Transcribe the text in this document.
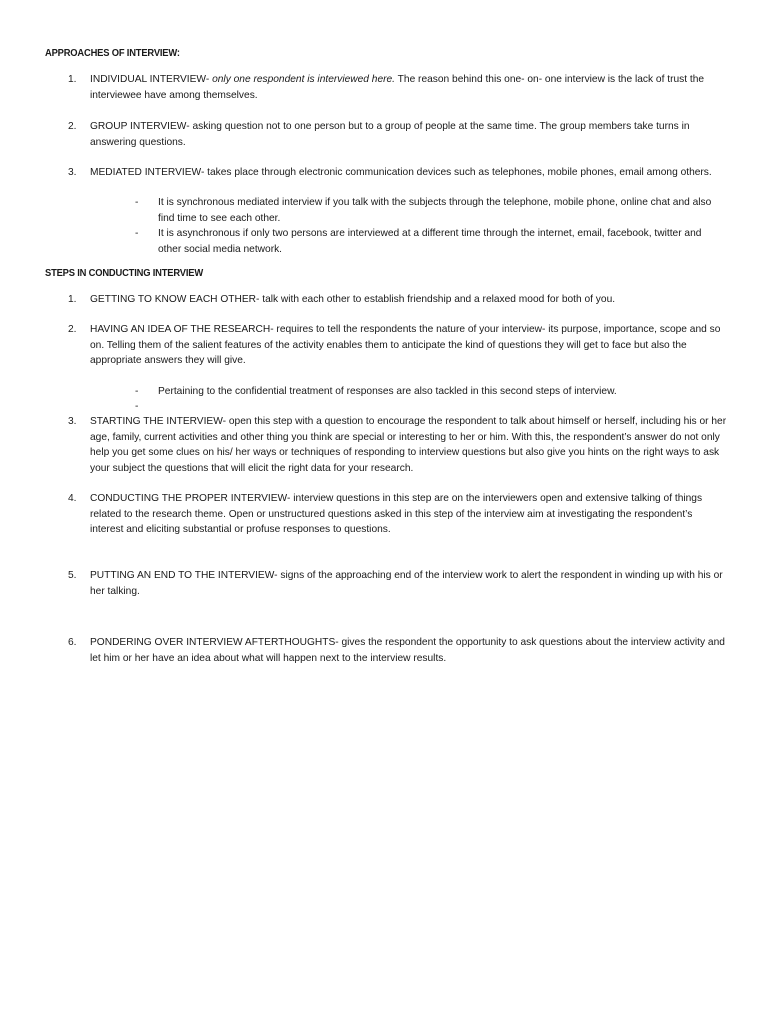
APPROACHES OF INTERVIEW:
1.	INDIVIDUAL INTERVIEW- only one respondent is interviewed here. The reason behind this one- on- one interview is the lack of trust the interviewee have among themselves.
2.	GROUP INTERVIEW- asking question not to one person but to a group of people at the same time. The group members take turns in answering questions.
3.	MEDIATED INTERVIEW- takes place through electronic communication devices such as telephones, mobile phones, email among others.
- It is synchronous mediated interview if you talk with the subjects through the telephone, mobile phone, online chat and also find time to see each other.
- It is asynchronous if only two persons are interviewed at a different time through the internet, email, facebook, twitter and other social media network.
STEPS IN CONDUCTING INTERVIEW
1.	GETTING TO KNOW EACH OTHER- talk with each other to establish friendship and a relaxed mood for both of you.
2.	HAVING AN IDEA OF THE RESEARCH- requires to tell the respondents the nature of your interview- its purpose, importance, scope and so on. Telling them of the salient features of the activity enables them to anticipate the kind of questions they will get to face but also the appropriate answers they will give.
- Pertaining to the confidential treatment of responses are also tackled in this second steps of interview.
-
3.	STARTING THE INTERVIEW- open this step with a question to encourage the respondent to talk about himself or herself, including his or her age, family, current activities and other thing you think are special or interesting to her or him. With this, the respondent’s answer do not only help you get some clues on his/ her ways or techniques of responding to interview questions but also give you hints on the right ways to ask your subject the questions that will elicit the right data for your research.
4.	CONDUCTING THE PROPER INTERVIEW- interview questions in this step are on the interviewers open and extensive talking of things related to the research theme. Open or unstructured questions asked in this step of the interview aim at investigating the respondent’s interest and eliciting substantial or profuse responses to questions.
5.	PUTTING AN END TO THE INTERVIEW- signs of the approaching end of the interview work to alert the respondent in winding up with his or her talking.
6.	PONDERING OVER INTERVIEW AFTERTHOUGHTS- gives the respondent the opportunity to ask questions about the interview activity and let him or her have an idea about what will happen next to the interview results.
